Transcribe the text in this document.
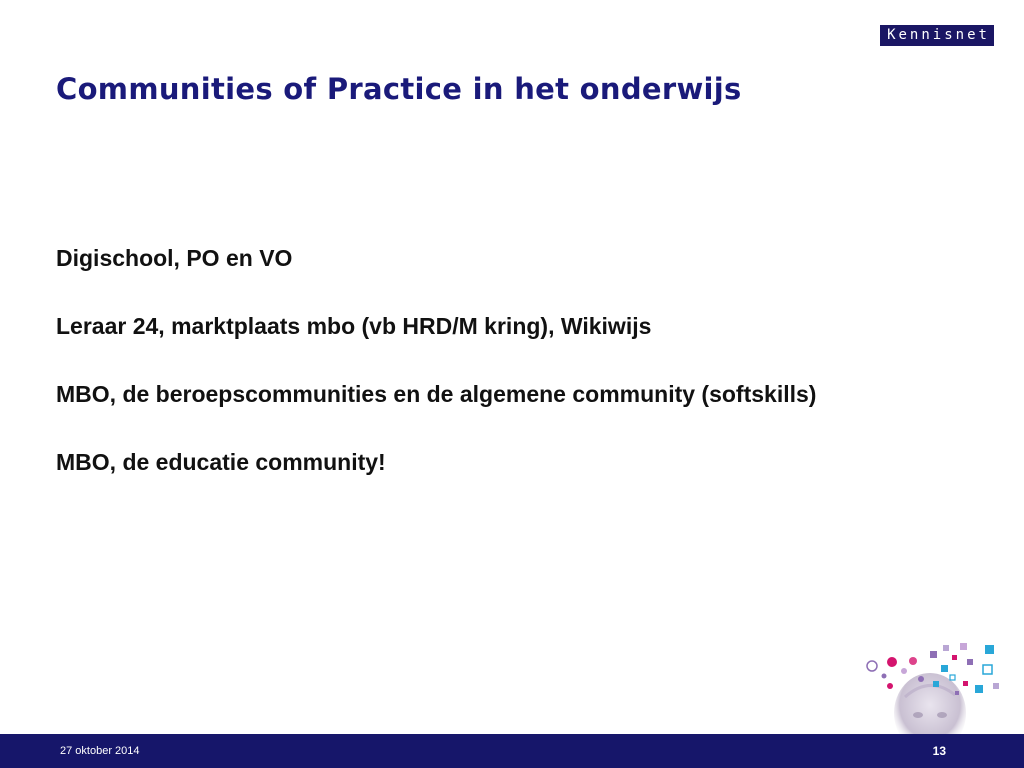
Kennisnet
Communities of Practice in het onderwijs

Digischool, PO en VO

Leraar 24, marktplaats mbo (vb HRD/M kring), Wikiwijs

MBO, de beroepscommunities en de algemene community (softskills)

MBO, de educatie community!

27 oktober 2014	13
